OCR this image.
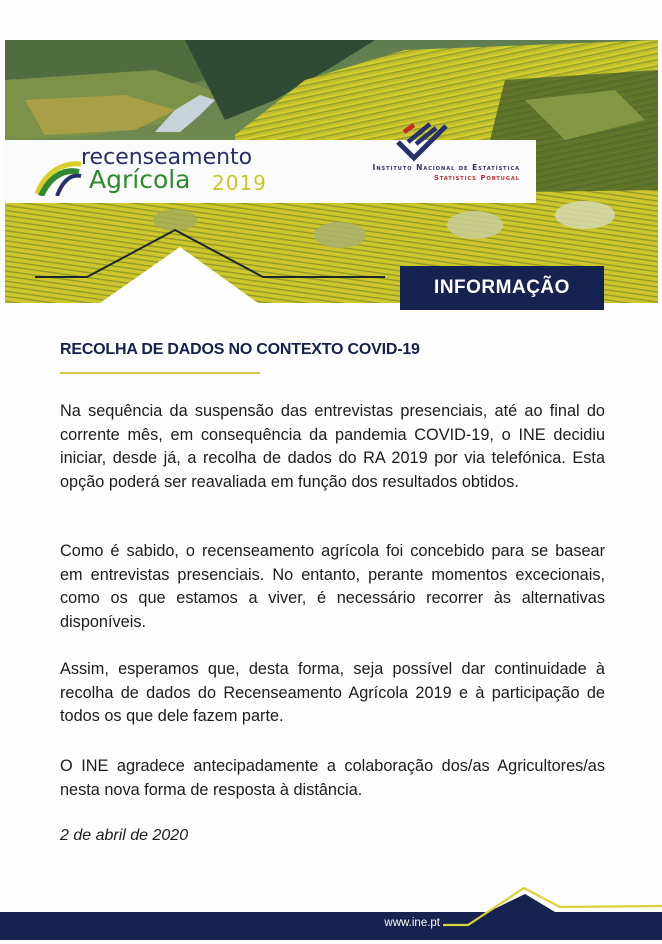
recenseamento
Agrícola 2019
Instituto Nacional de Estatística
Statistics Portugal
INFORMAÇÃO
RECOLHA DE DADOS NO CONTEXTO COVID-19

Na sequência da suspensão das entrevistas presenciais, até ao final do corrente mês, em consequência da pandemia COVID-19, o INE decidiu iniciar, desde já, a recolha de dados do RA 2019 por via telefónica. Esta opção poderá ser reavaliada em função dos resultados obtidos.

Como é sabido, o recenseamento agrícola foi concebido para se basear em entrevistas presenciais. No entanto, perante momentos excecionais, como os que estamos a viver, é necessário recorrer às alternativas disponíveis.

Assim, esperamos que, desta forma, seja possível dar continuidade à recolha de dados do Recenseamento Agrícola 2019 e à participação de todos os que dele fazem parte.

O INE agradece antecipadamente a colaboração dos/as Agricultores/as nesta nova forma de resposta à distância.

2 de abril de 2020
www.ine.pt
